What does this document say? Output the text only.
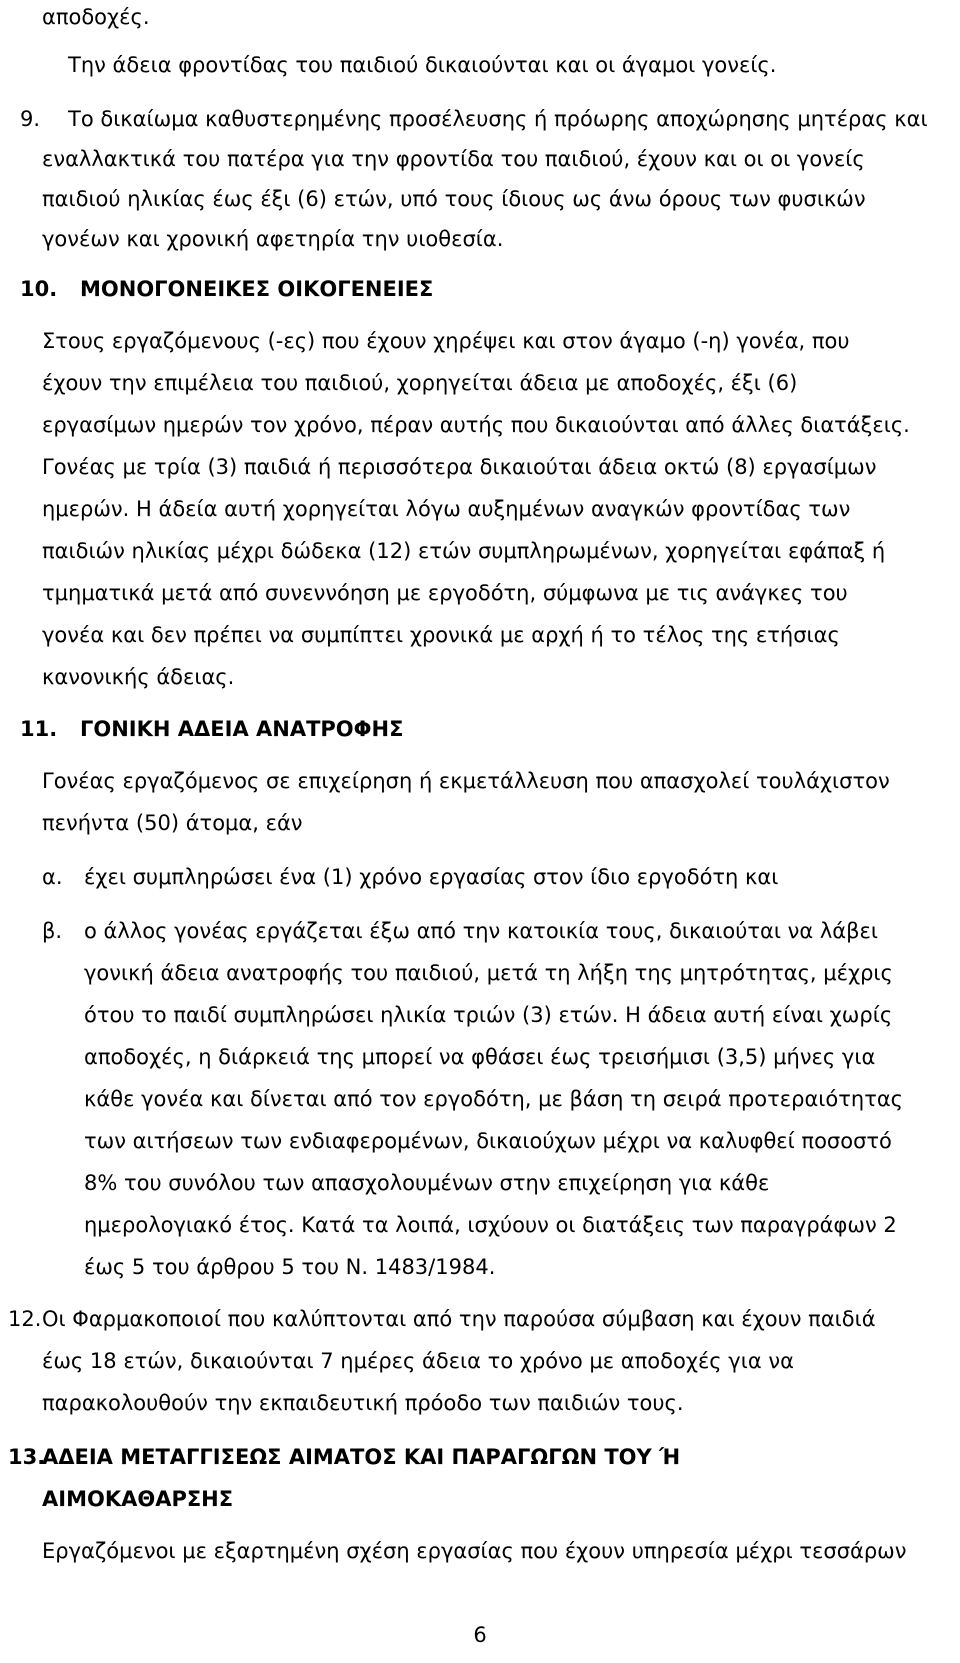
αποδοχές.
Την άδεια φροντίδας του παιδιού δικαιούνται και οι άγαμοι γονείς.
9. Το δικαίωμα καθυστερημένης προσέλευσης ή πρόωρης αποχώρησης μητέρας και
εναλλακτικά του πατέρα για την φροντίδα του παιδιού, έχουν και οι οι γονείς
παιδιού ηλικίας έως έξι (6) ετών, υπό τους ίδιους ως άνω όρους των φυσικών
γονέων και χρονική αφετηρία την υιοθεσία.
10. ΜΟΝΟΓΟΝΕΙΚΕΣ ΟΙΚΟΓΕΝΕΙΕΣ
Στους εργαζόμενους (-ες) που έχουν χηρέψει και στον άγαμο (-η) γονέα, που
έχουν την επιμέλεια του παιδιού, χορηγείται άδεια με αποδοχές, έξι (6)
εργασίμων ημερών τον χρόνο, πέραν αυτής που δικαιούνται από άλλες διατάξεις.
Γονέας με τρία (3) παιδιά ή περισσότερα δικαιούται άδεια οκτώ (8) εργασίμων
ημερών. Η άδεία αυτή χορηγείται λόγω αυξημένων αναγκών φροντίδας των
παιδιών ηλικίας μέχρι δώδεκα (12) ετών συμπληρωμένων, χορηγείται εφάπαξ ή
τμηματικά μετά από συνεννόηση με εργοδότη, σύμφωνα με τις ανάγκες του
γονέα και δεν πρέπει να συμπίπτει χρονικά με αρχή ή το τέλος της ετήσιας
κανονικής άδειας.
11. ΓΟΝΙΚΗ ΑΔΕΙΑ ΑΝΑΤΡΟΦΗΣ
Γονέας εργαζόμενος σε επιχείρηση ή εκμετάλλευση που απασχολεί τουλάχιστον
πενήντα (50) άτομα, εάν
α. έχει συμπληρώσει ένα (1) χρόνο εργασίας στον ίδιο εργοδότη και
β. ο άλλος γονέας εργάζεται έξω από την κατοικία τους, δικαιούται να λάβει
γονική άδεια ανατροφής του παιδιού, μετά τη λήξη της μητρότητας, μέχρις
ότου το παιδί συμπληρώσει ηλικία τριών (3) ετών. Η άδεια αυτή είναι χωρίς
αποδοχές, η διάρκειά της μπορεί να φθάσει έως τρεισήμισι (3,5) μήνες για
κάθε γονέα και δίνεται από τον εργοδότη, με βάση τη σειρά προτεραιότητας
των αιτήσεων των ενδιαφερομένων, δικαιούχων μέχρι να καλυφθεί ποσοστό
8% του συνόλου των απασχολουμένων στην επιχείρηση για κάθε
ημερολογιακό έτος. Κατά τα λοιπά, ισχύουν οι διατάξεις των παραγράφων 2
έως 5 του άρθρου 5 του Ν. 1483/1984.
12. Οι Φαρμακοποιοί που καλύπτονται από την παρούσα σύμβαση και έχουν παιδιά
έως 18 ετών, δικαιούνται 7 ημέρες άδεια το χρόνο με αποδοχές για να
παρακολουθούν την εκπαιδευτική πρόοδο των παιδιών τους.
13.
ΑΔΕΙΑ ΜΕΤΑΓΓΙΣΕΩΣ ΑΙΜΑΤΟΣ ΚΑΙ ΠΑΡΑΓΩΓΩΝ ΤΟΥ Ή
ΑΙΜΟΚΑΘΑΡΣΗΣ
Εργαζόμενοι με εξαρτημένη σχέση εργασίας που έχουν υπηρεσία μέχρι τεσσάρων
6
